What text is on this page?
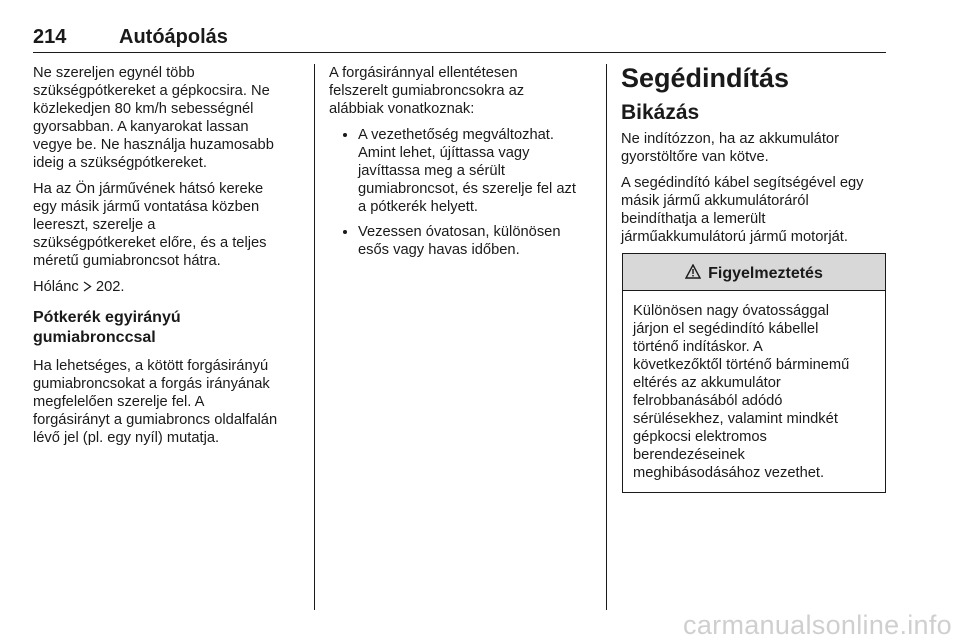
214	Autóápolás

Ne szereljen egynél több
szükségpótkereket a gépkocsira. Ne
közlekedjen 80 km/h sebességnél
gyorsabban. A kanyarokat lassan
vegye be. Ne használja huzamosabb
ideig a szükségpótkereket.

Ha az Ön járművének hátsó kereke
egy másik jármű vontatása közben
leereszt, szerelje a
szükségpótkereket előre, és a teljes
méretű gumiabroncsot hátra.

Hólánc 202.

Pótkerék egyirányú
gumiabronccsal

Ha lehetséges, a kötött forgásirányú
gumiabroncsokat a forgás irányának
megfelelően szerelje fel. A
forgásirányt a gumiabroncs oldalfalán
lévő jel (pl. egy nyíl) mutatja.

A forgásiránnyal ellentétesen
felszerelt gumiabroncsokra az
alábbiak vonatkoznak:

• A vezethetőség megváltozhat.
Amint lehet, újíttassa vagy
javíttassa meg a sérült
gumiabroncsot, és szerelje fel azt
a pótkerék helyett.
• Vezessen óvatosan, különösen
esős vagy havas időben.
Segédindítás
Bikázás

Ne indítózzon, ha az akkumulátor
gyorstöltőre van kötve.

A segédindító kábel segítségével egy
másik jármű akkumulátoráról
beindíthatja a lemerült
járműakkumulátorú jármű motorját.

Figyelmeztetés
Különösen nagy óvatossággal
járjon el segédindító kábellel
történő indításkor. A
következőktől történő bárminemű
eltérés az akkumulátor
felrobbanásából adódó
sérülésekhez, valamint mindkét
gépkocsi elektromos
berendezéseinek
meghibásodásához vezethet.
carmanualsonline.info
